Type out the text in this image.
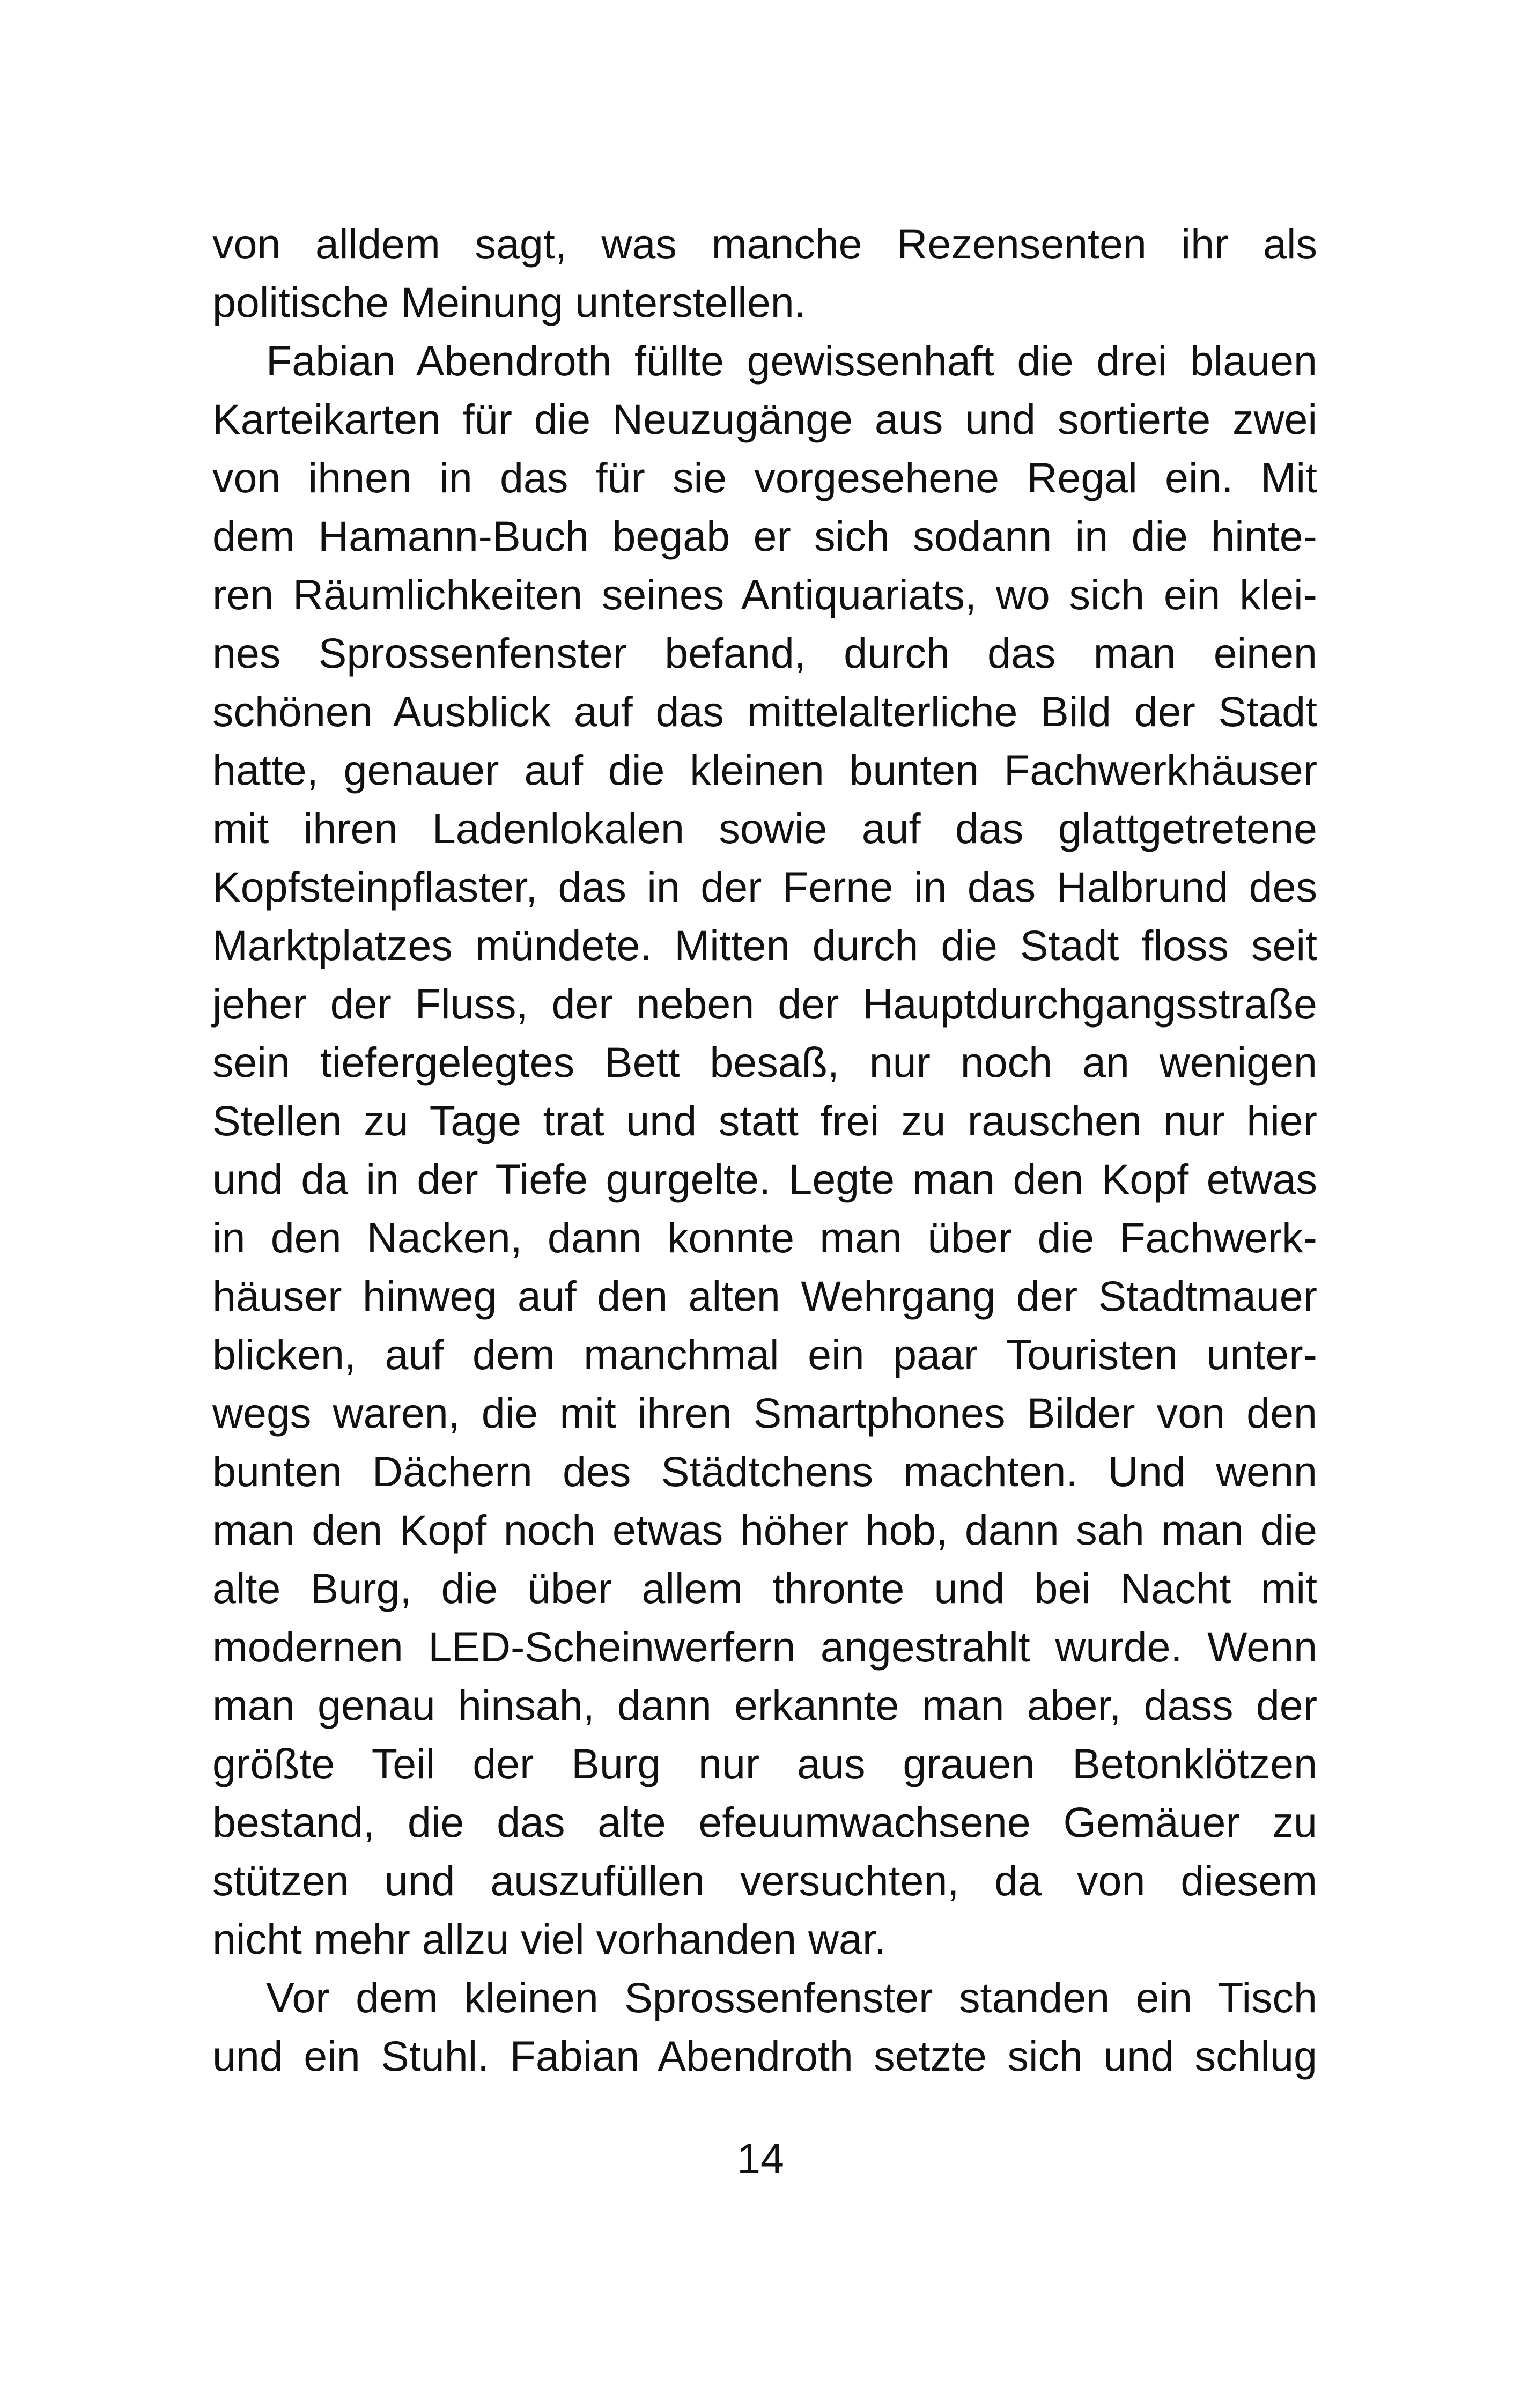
von alldem sagt, was manche Rezensenten ihr als
politische Meinung unterstellen.
Fabian Abendroth füllte gewissenhaft die drei blauen
Karteikarten für die Neuzugänge aus und sortierte zwei
von ihnen in das für sie vorgesehene Regal ein. Mit
dem Hamann-Buch begab er sich sodann in die hinte-
ren Räumlichkeiten seines Antiquariats, wo sich ein klei-
nes Sprossenfenster befand, durch das man einen
schönen Ausblick auf das mittelalterliche Bild der Stadt
hatte, genauer auf die kleinen bunten Fachwerkhäuser
mit ihren Ladenlokalen sowie auf das glattgetretene
Kopfsteinpflaster, das in der Ferne in das Halbrund des
Marktplatzes mündete. Mitten durch die Stadt floss seit
jeher der Fluss, der neben der Hauptdurchgangsstraße
sein tiefergelegtes Bett besaß, nur noch an wenigen
Stellen zu Tage trat und statt frei zu rauschen nur hier
und da in der Tiefe gurgelte. Legte man den Kopf etwas
in den Nacken, dann konnte man über die Fachwerk-
häuser hinweg auf den alten Wehrgang der Stadtmauer
blicken, auf dem manchmal ein paar Touristen unter-
wegs waren, die mit ihren Smartphones Bilder von den
bunten Dächern des Städtchens machten. Und wenn
man den Kopf noch etwas höher hob, dann sah man die
alte Burg, die über allem thronte und bei Nacht mit
modernen LED-Scheinwerfern angestrahlt wurde. Wenn
man genau hinsah, dann erkannte man aber, dass der
größte Teil der Burg nur aus grauen Betonklötzen
bestand, die das alte efeuumwachsene Gemäuer zu
stützen und auszufüllen versuchten, da von diesem
nicht mehr allzu viel vorhanden war.
Vor dem kleinen Sprossenfenster standen ein Tisch
und ein Stuhl. Fabian Abendroth setzte sich und schlug
14
